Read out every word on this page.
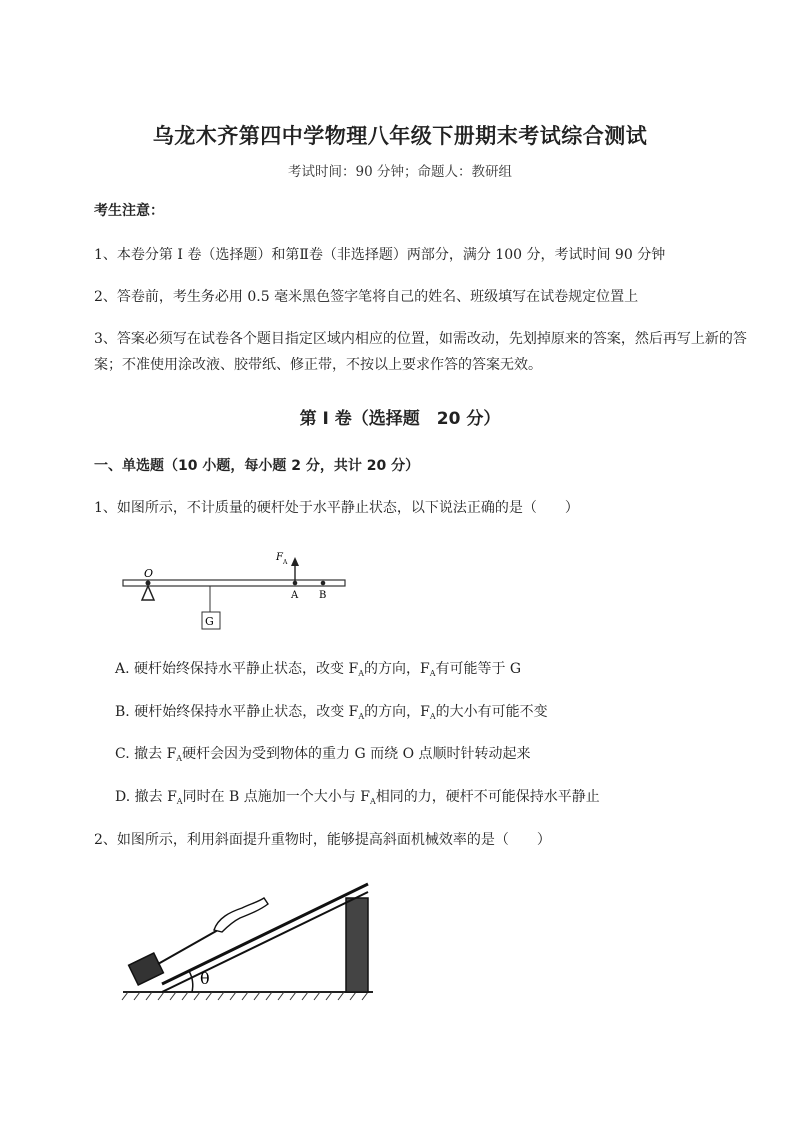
乌龙木齐第四中学物理八年级下册期末考试综合测试
考试时间：90 分钟；命题人：教研组
考生注意：
1、本卷分第 I 卷（选择题）和第Ⅱ卷（非选择题）两部分，满分 100 分，考试时间 90 分钟
2、答卷前，考生务必用 0.5 毫米黑色签字笔将自己的姓名、班级填写在试卷规定位置上
3、答案必须写在试卷各个题目指定区域内相应的位置，如需改动，先划掉原来的答案，然后再写上新的答案；不准使用涂改液、胶带纸、修正带，不按以上要求作答的答案无效。
第 I 卷（选择题　20 分）
一、单选题（10 小题，每小题 2 分，共计 20 分）
1、如图所示，不计质量的硬杆处于水平静止状态，以下说法正确的是（　　）
O
G
F A
A B
A. 硬杆始终保持水平静止状态，改变 $F_A$的方向，$F_A$有可能等于 G
B. 硬杆始终保持水平静止状态，改变 $F_A$的方向，$F_A$的大小有可能不变
C. 撤去 $F_A$硬杆会因为受到物体的重力 G 而绕 O 点顺时针转动起来
D. 撤去 $F_A$同时在 B 点施加一个大小与 $F_A$相同的力，硬杆不可能保持水平静止
2、如图所示，利用斜面提升重物时，能够提高斜面机械效率的是（　　）
θ
